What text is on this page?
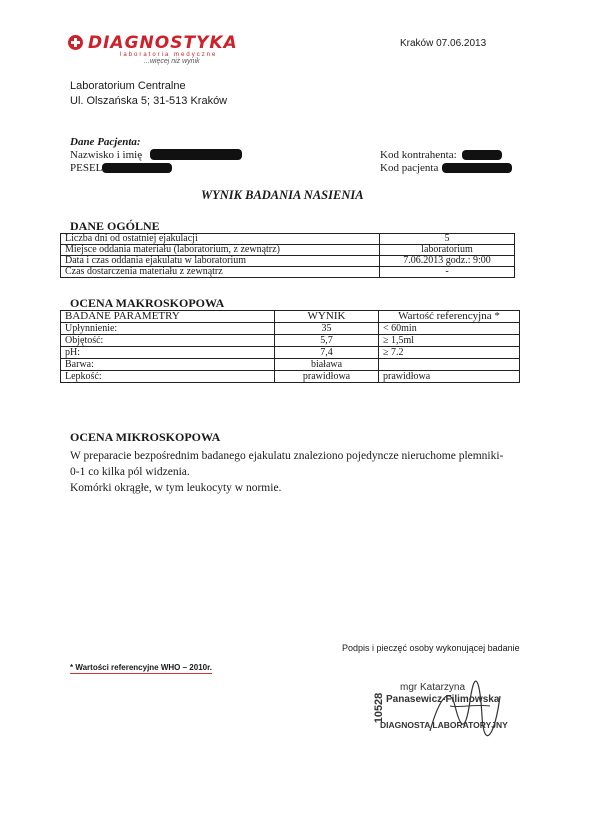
DIAGNOSTYKA
laboratoria medyczne
...więcej niż wynik
Kraków 07.06.2013
Laboratorium Centralne
Ul. Olszańska 5; 31-513 Kraków
Dane Pacjenta:
Nazwisko i imię
PESEL
Kod kontrahenta:
Kod pacjenta
WYNIK BADANIA NASIENIA
DANE OGÓLNE
Liczba dni od ostatniej ejakulacji	5
Miejsce oddania materiału (laboratorium, z zewnątrz)	laboratorium
Data i czas oddania ejakulatu w laboratorium	7.06.2013 godz.: 9:00
Czas dostarczenia materiału z zewnątrz	-
OCENA MAKROSKOPOWA
BADANE PARAMETRY	WYNIK	Wartość referencyjna *
Upłynnienie:	35	< 60min
Objętość:	5,7	≥ 1,5ml
pH:	7,4	≥ 7.2
Barwa:	biaława	
Lepkość:	prawidłowa	prawidłowa
OCENA MIKROSKOPOWA
W preparacie bezpośrednim badanego ejakulatu znaleziono pojedyncze nieruchome plemniki-
0-1 co kilka pól widzenia.
Komórki okrągłe, w tym leukocyty w normie.
Podpis i pieczęć osoby wykonującej badanie
* Wartości referencyjne WHO – 2010r.
10528
mgr Katarzyna
Panasewicz-Filimowska
DIAGNOSTA LABORATORYJNY
